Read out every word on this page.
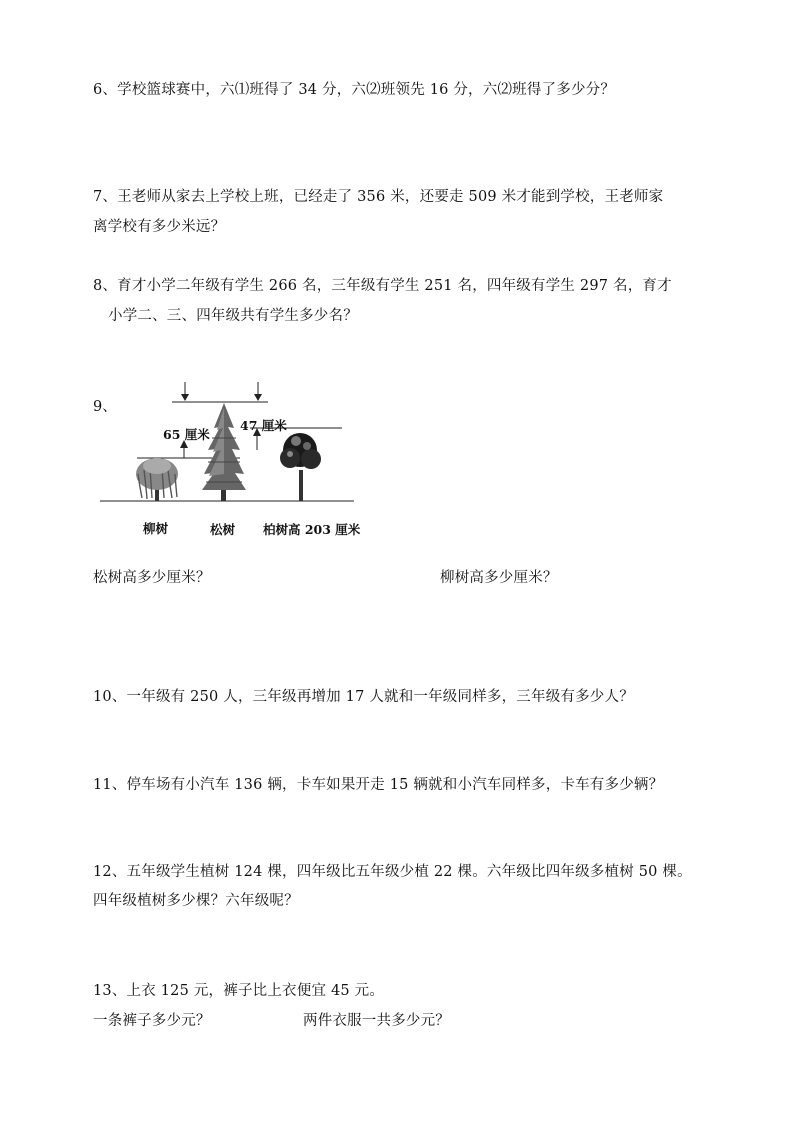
6、学校篮球赛中，六⑴班得了 34 分，六⑵班领先 16 分，六⑵班得了多少分？
7、王老师从家去上学校上班，已经走了 356 米，还要走 509 米才能到学校，王老师家
离学校有多少米远？
8、育才小学二年级有学生 266 名，三年级有学生 251 名，四年级有学生 297 名，育才
小学二、三、四年级共有学生多少名？
9、
65 厘米
47 厘米
柳树	松树 柏树高 203 厘米
松树高多少厘米？	柳树高多少厘米？
10、一年级有 250 人，三年级再增加 17 人就和一年级同样多，三年级有多少人？
11、停车场有小汽车 136 辆，卡车如果开走 15 辆就和小汽车同样多，卡车有多少辆？
12、五年级学生植树 124 棵，四年级比五年级少植 22 棵。六年级比四年级多植树 50 棵。
四年级植树多少棵？六年级呢？
13、上衣 125 元，裤子比上衣便宜 45 元。
一条裤子多少元？	两件衣服一共多少元？
